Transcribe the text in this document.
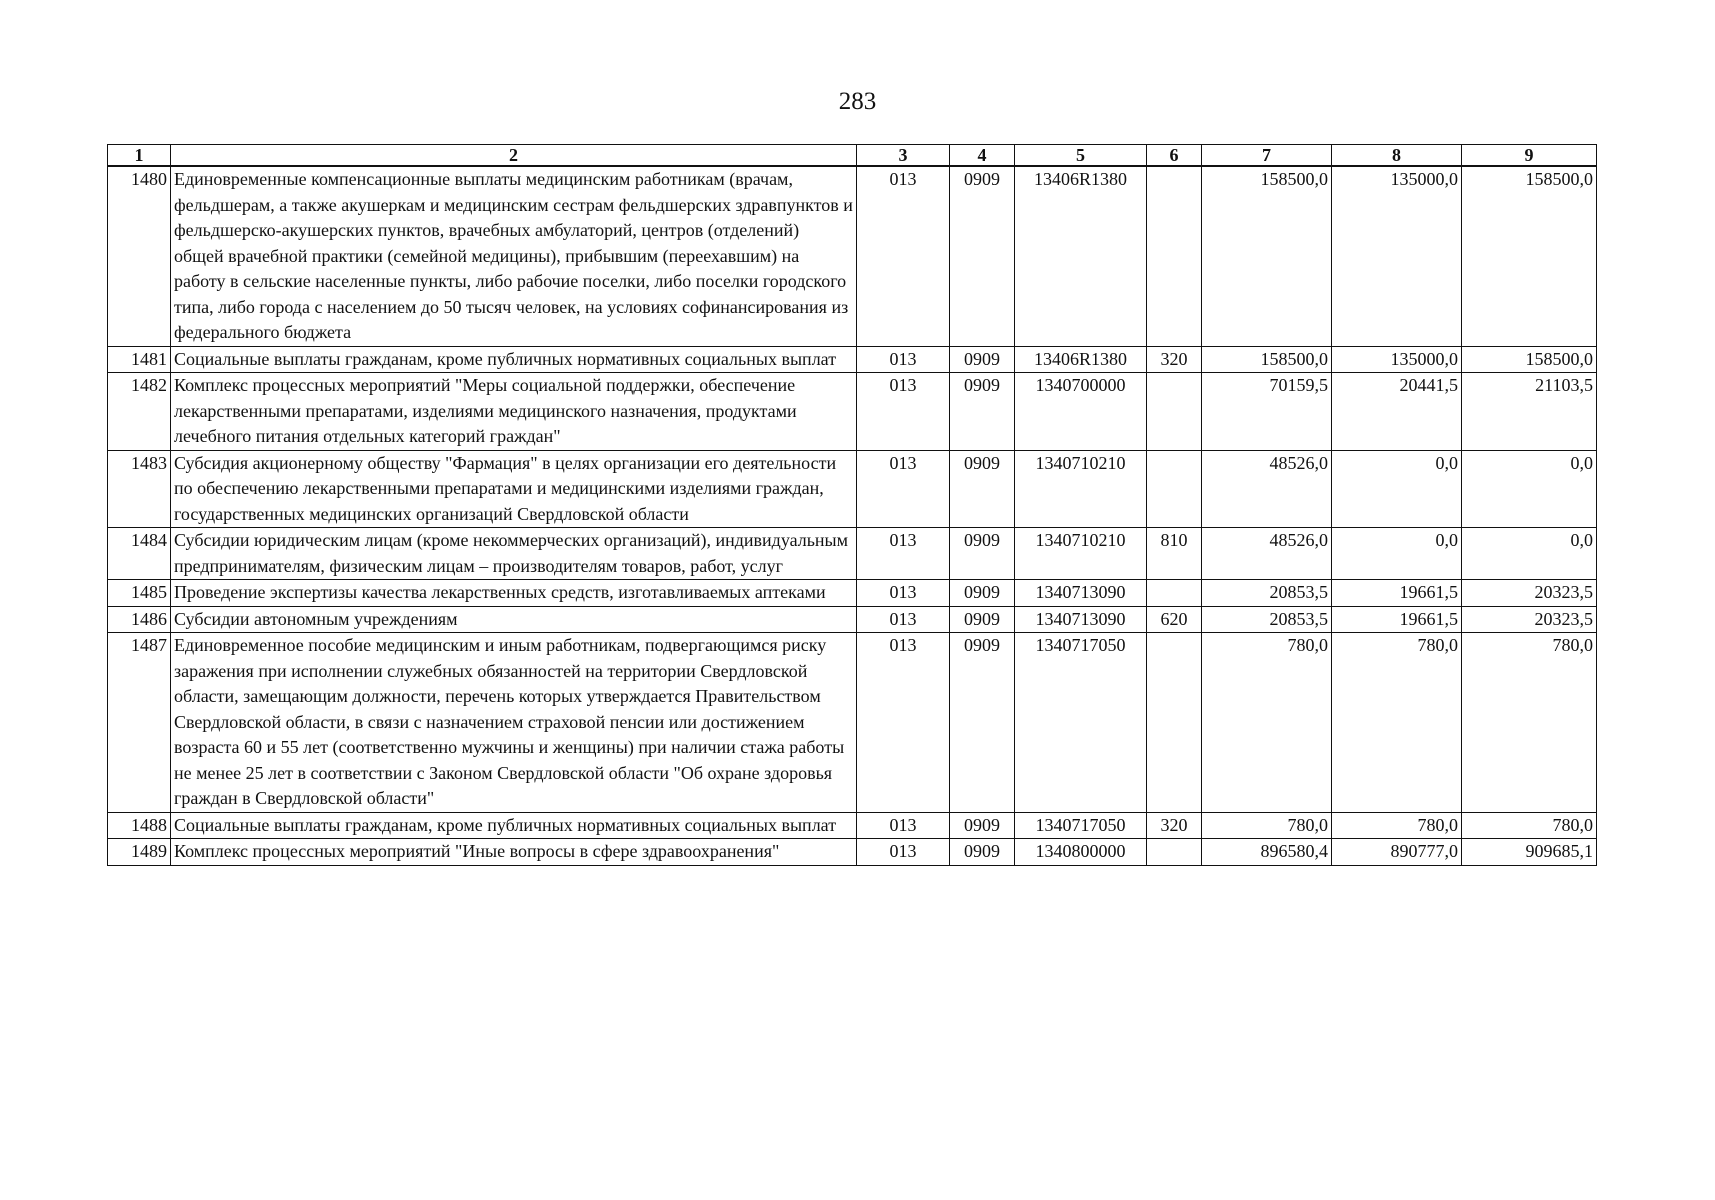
283
1	2	3	4	5	6	7	8	9
1480	Единовременные компенсационные выплаты медицинским работникам (врачам, фельдшерам, а также акушеркам и медицинским сестрам фельдшерских здравпунктов и фельдшерско-акушерских пунктов, врачебных амбулаторий, центров (отделений) общей врачебной практики (семейной медицины), прибывшим (переехавшим) на работу в сельские населенные пункты, либо рабочие поселки, либо поселки городского типа, либо города с населением до 50 тысяч человек, на условиях софинансирования из федерального бюджета	013	0909	13406R1380		158500,0	135000,0	158500,0
1481	Социальные выплаты гражданам, кроме публичных нормативных социальных выплат	013	0909	13406R1380	320	158500,0	135000,0	158500,0
1482	Комплекс процессных мероприятий "Меры социальной поддержки, обеспечение лекарственными препаратами, изделиями медицинского назначения, продуктами лечебного питания отдельных категорий граждан"	013	0909	1340700000		70159,5	20441,5	21103,5
1483	Субсидия акционерному обществу "Фармация" в целях организации его деятельности по обеспечению лекарственными препаратами и медицинскими изделиями граждан, государственных медицинских организаций Свердловской области	013	0909	1340710210		48526,0	0,0	0,0
1484	Субсидии юридическим лицам (кроме некоммерческих организаций), индивидуальным предпринимателям, физическим лицам – производителям товаров, работ, услуг	013	0909	1340710210	810	48526,0	0,0	0,0
1485	Проведение экспертизы качества лекарственных средств, изготавливаемых аптеками	013	0909	1340713090		20853,5	19661,5	20323,5
1486	Субсидии автономным учреждениям	013	0909	1340713090	620	20853,5	19661,5	20323,5
1487	Единовременное пособие медицинским и иным работникам, подвергающимся риску заражения при исполнении служебных обязанностей на территории Свердловской области, замещающим должности, перечень которых утверждается Правительством Свердловской области, в связи с назначением страховой пенсии или достижением возраста 60 и 55 лет (соответственно мужчины и женщины) при наличии стажа работы не менее 25 лет в соответствии с Законом Свердловской области "Об охране здоровья граждан в Свердловской области"	013	0909	1340717050		780,0	780,0	780,0
1488	Социальные выплаты гражданам, кроме публичных нормативных социальных выплат	013	0909	1340717050	320	780,0	780,0	780,0
1489	Комплекс процессных мероприятий "Иные вопросы в сфере здравоохранения"	013	0909	1340800000		896580,4	890777,0	909685,1
